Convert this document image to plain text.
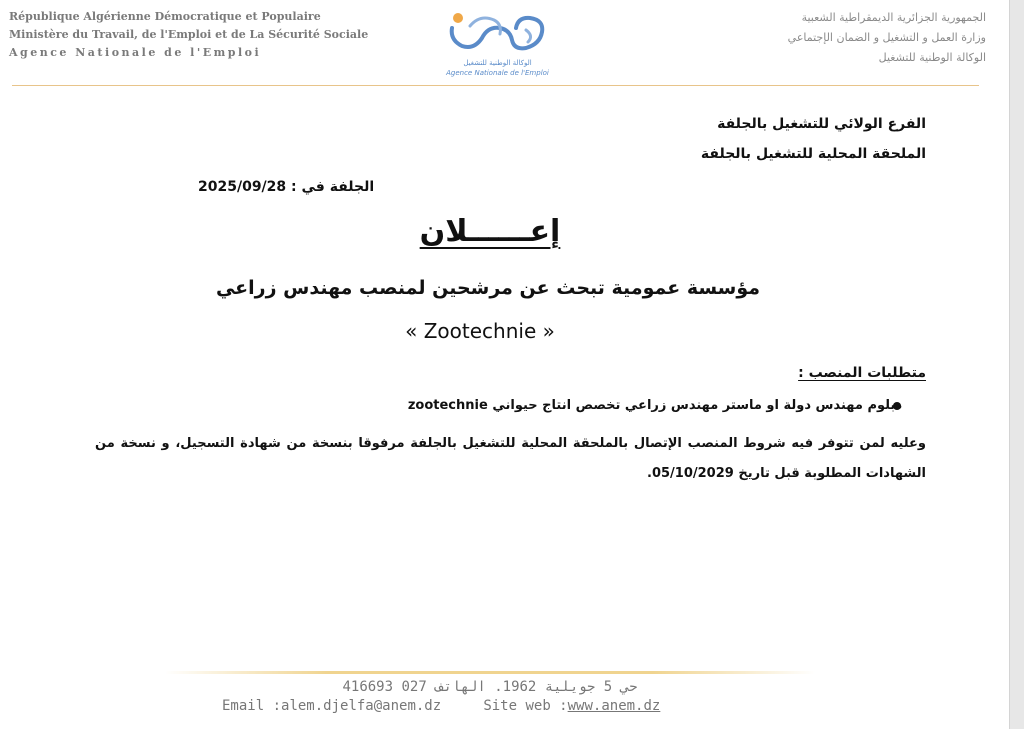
République Algérienne Démocratique et Populaire
Ministère du Travail, de l'Emploi et de La Sécurité Sociale
Agence Nationale de l'Emploi
الوكالة الوطنية للتشغيل
Agence Nationale de l'Emploi
الجمهورية الجزائرية الديمقراطية الشعبية
وزارة العمل و التشغيل و الضمان الإجتماعي
الوكالة الوطنية للتشغيل
الفرع الولائي للتشغيل بالجلفة
الملحقة المحلية للتشغيل بالجلفة
الجلفة في : 2025/09/28
إعــــــلان
مؤسسة عمومية تبحث عن مرشحين لمنصب مهندس زراعي
« Zootechnie »
متطلبات المنصب :
دبلوم مهندس دولة او ماستر مهندس زراعي تخصص انتاج حيواني zootechnie
وعليه لمن تتوفر فيه شروط المنصب الإتصال بالملحقة المحلية للتشغيل بالجلفة مرفوقا بنسخة من شهادة التسجيل، و نسخة من الشهادات المطلوبة قبل تاريخ 05/10/2029.
حي 5 جويلية 1962. الهاتف 027 416693
Email :alem.djelfa@anem.dz	Site web :www.anem.dz
